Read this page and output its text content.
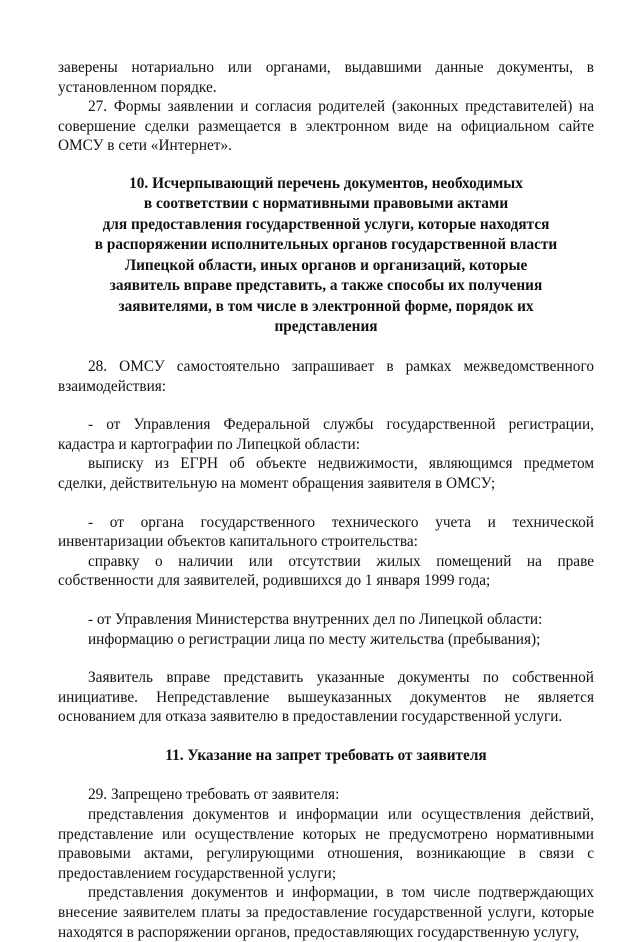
заверены нотариально или органами, выдавшими данные документы, в установленном порядке.

27. Формы заявлении и согласия родителей (законных представителей) на совершение сделки размещается в электронном виде на официальном сайте ОМСУ в сети «Интернет».

10. Исчерпывающий перечень документов, необходимых

в соответствии с нормативными правовыми актами

для предоставления государственной услуги, которые находятся

в распоряжении исполнительных органов государственной власти

Липецкой области, иных органов и организаций, которые

заявитель вправе представить, а также способы их получения

заявителями, в том числе в электронной форме, порядок их

представления

28. ОМСУ самостоятельно запрашивает в рамках межведомственного взаимодействия:

- от Управления Федеральной службы государственной регистрации, кадастра и картографии по Липецкой области:

выписку из ЕГРН об объекте недвижимости, являющимся предметом сделки, действительную на момент обращения заявителя в ОМСУ;

- от органа государственного технического учета и технической инвентаризации объектов капитального строительства:

справку о наличии или отсутствии жилых помещений на праве собственности для заявителей, родившихся до 1 января 1999 года;

- от Управления Министерства внутренних дел по Липецкой области:

информацию о регистрации лица по месту жительства (пребывания);

Заявитель вправе представить указанные документы по собственной инициативе. Непредставление вышеуказанных документов не является основанием для отказа заявителю в предоставлении государственной услуги.

11. Указание на запрет требовать от заявителя

29. Запрещено требовать от заявителя:

представления документов и информации или осуществления действий, представление или осуществление которых не предусмотрено нормативными правовыми актами, регулирующими отношения, возникающие в связи с предоставлением государственной услуги;

представления документов и информации, в том числе подтверждающих внесение заявителем платы за предоставление государственной услуги, которые находятся в распоряжении органов, предоставляющих государственную услугу,
